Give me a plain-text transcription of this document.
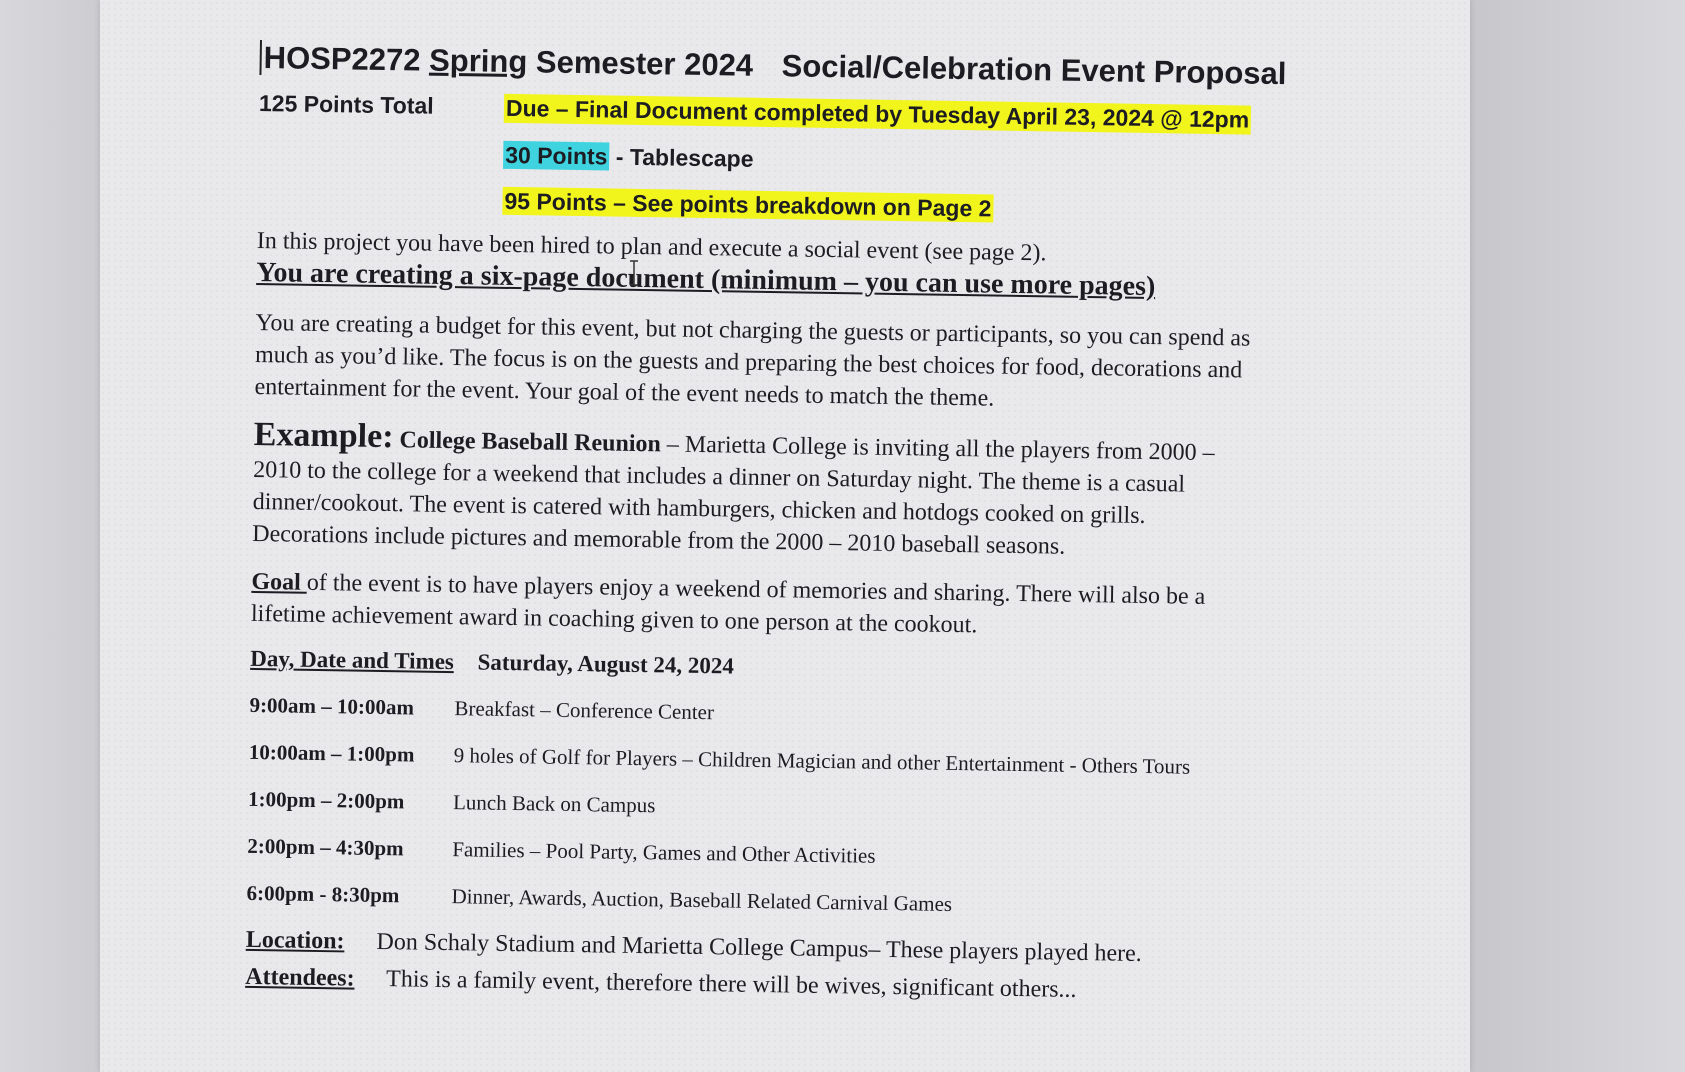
HOSP2272 Spring Semester 2024 Social/Celebration Event Proposal
125 Points Total	Due – Final Document completed by Tuesday April 23, 2024 @ 12pm
30 Points - Tablescape
95 Points – See points breakdown on Page 2

In this project you have been hired to plan and execute a social event (see page 2).

You are creating a six-page document (minimum – you can use more pages)

You are creating a budget for this event, but not charging the guests or participants, so you can spend as much as you’d like. The focus is on the guests and preparing the best choices for food, decorations and entertainment for the event. Your goal of the event needs to match the theme.

Example: College Baseball Reunion – Marietta College is inviting all the players from 2000 – 2010 to the college for a weekend that includes a dinner on Saturday night. The theme is a casual dinner/cookout. The event is catered with hamburgers, chicken and hotdogs cooked on grills. Decorations include pictures and memorable from the 2000 – 2010 baseball seasons.

Goal of the event is to have players enjoy a weekend of memories and sharing. There will also be a lifetime achievement award in coaching given to one person at the cookout.

Day, Date and Times Saturday, August 24, 2024
9:00am – 10:00am	Breakfast – Conference Center
10:00am – 1:00pm	9 holes of Golf for Players – Children Magician and other Entertainment - Others Tours
1:00pm – 2:00pm	Lunch Back on Campus
2:00pm – 4:30pm	Families – Pool Party, Games and Other Activities
6:00pm - 8:30pm	Dinner, Awards, Auction, Baseball Related Carnival Games
Location: Don Schaly Stadium and Marietta College Campus– These players played here.
Attendees: This is a family event, therefore there will be wives, significant others...
